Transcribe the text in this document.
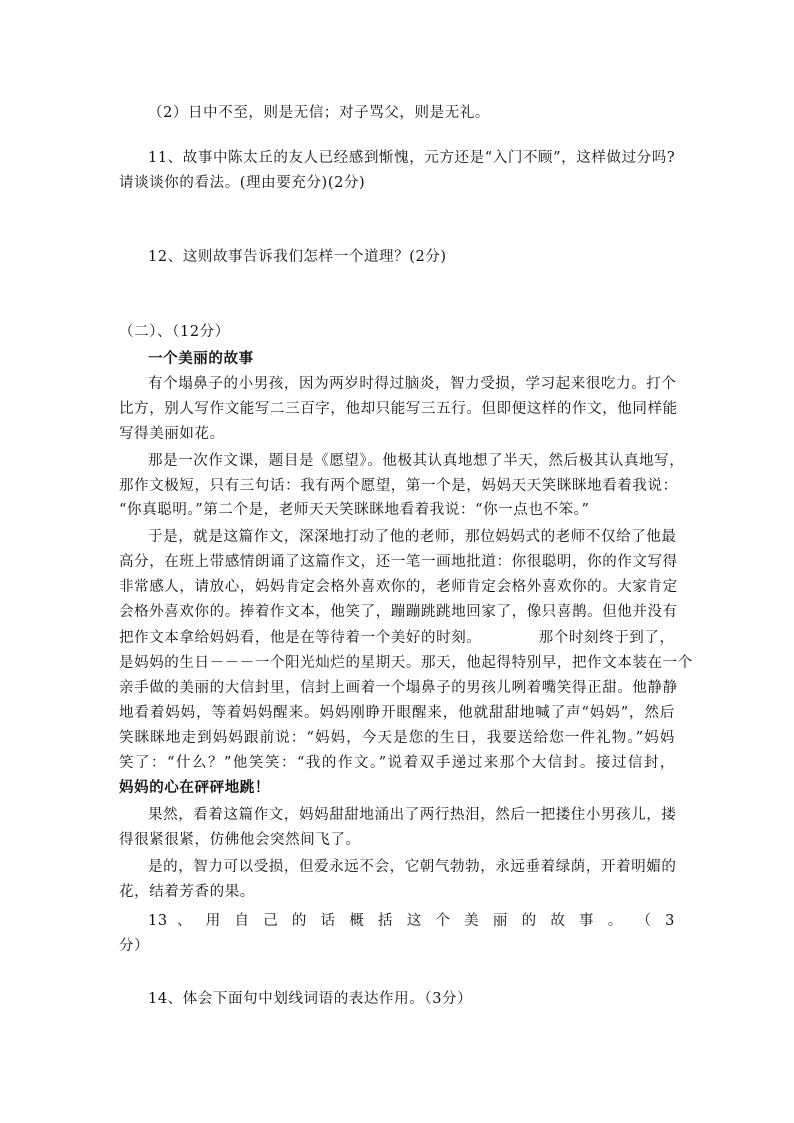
（2）日中不至，则是无信；对子骂父，则是无礼。
11、故事中陈太丘的友人已经感到惭愧，元方还是“入门不顾”，这样做过分吗?
请谈谈你的看法。(理由要充分)(2分)
12、这则故事告诉我们怎样一个道理？(2分)
（二）、（12分）
一个美丽的故事
有个塌鼻子的小男孩，因为两岁时得过脑炎，智力受损，学习起来很吃力。打个
比方，别人写作文能写二三百字，他却只能写三五行。但即便这样的作文，他同样能
写得美丽如花。
那是一次作文课，题目是《愿望》。他极其认真地想了半天，然后极其认真地写，
那作文极短，只有三句话：我有两个愿望，第一个是，妈妈天天笑眯眯地看着我说：
“你真聪明。”第二个是，老师天天笑眯眯地看着我说：“你一点也不笨。”
于是，就是这篇作文，深深地打动了他的老师，那位妈妈式的老师不仅给了他最
高分，在班上带感情朗诵了这篇作文，还一笔一画地批道：你很聪明，你的作文写得
非常感人，请放心，妈妈肯定会格外喜欢你的，老师肯定会格外喜欢你的。大家肯定
会格外喜欢你的。捧着作文本，他笑了，蹦蹦跳跳地回家了，像只喜鹊。但他并没有
把作文本拿给妈妈看，他是在等待着一个美好的时刻。           那个时刻终于到了，
是妈妈的生日－－－一个阳光灿烂的星期天。那天，他起得特别早，把作文本装在一个
亲手做的美丽的大信封里，信封上画着一个塌鼻子的男孩儿咧着嘴笑得正甜。他静静
地看着妈妈，等着妈妈醒来。妈妈刚睁开眼醒来，他就甜甜地喊了声“妈妈”，然后
笑眯眯地走到妈妈跟前说：“妈妈，今天是您的生日，我要送给您一件礼物。”妈妈
笑了：“什么？”他笑笑：“我的作文。”说着双手递过来那个大信封。接过信封，
妈妈的心在砰砰地跳！
果然，看着这篇作文，妈妈甜甜地涌出了两行热泪，然后一把搂住小男孩儿，搂
得很紧很紧，仿佛他会突然间飞了。
是的，智力可以受损，但爱永远不会，它朝气勃勃，永远垂着绿荫，开着明媚的
花，结着芳香的果。
13 、 用 自 己 的 话 概 括 这 个 美 丽 的 故 事 。 （ 3
分）
14、体会下面句中划线词语的表达作用。（3分）
